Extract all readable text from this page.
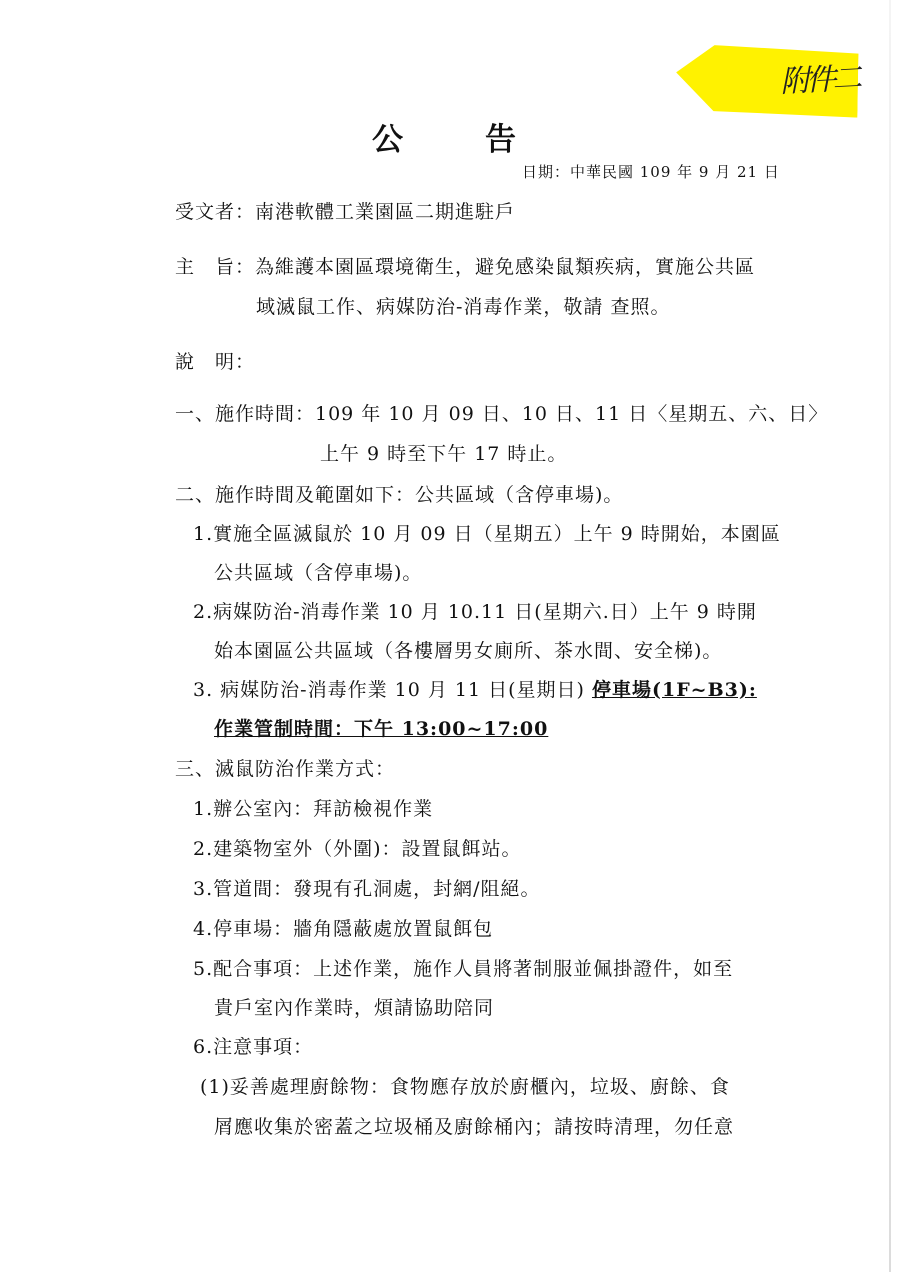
附件二
公告
日期：中華民國 109 年 9 月 21 日
受文者：南港軟體工業園區二期進駐戶
主　旨：為維護本園區環境衛生，避免感染鼠類疾病，實施公共區
域滅鼠工作、病媒防治-消毒作業，敬請 查照。
說　明：
一、施作時間：109 年 10 月 09 日、10 日、11 日〈星期五、六、日〉
上午 9 時至下午 17 時止。
二、施作時間及範圍如下：公共區域（含停車場)。
1.實施全區滅鼠於 10 月 09 日（星期五）上午 9 時開始，本園區
公共區域（含停車場)。
2.病媒防治-消毒作業 10 月 10.11 日(星期六.日）上午 9 時開
始本園區公共區域（各樓層男女廁所、茶水間、安全梯)。
3. 病媒防治-消毒作業 10 月 11 日(星期日) 停車場(1F~B3):
作業管制時間：下午 13:00~17:00
三、滅鼠防治作業方式：
1.辦公室內：拜訪檢視作業
2.建築物室外（外圍)：設置鼠餌站。
3.管道間：發現有孔洞處，封網/阻絕。
4.停車場：牆角隱蔽處放置鼠餌包
5.配合事項：上述作業，施作人員將著制服並佩掛證件，如至
貴戶室內作業時，煩請協助陪同
6.注意事項：
(1)妥善處理廚餘物：食物應存放於廚櫃內，垃圾、廚餘、食
屑應收集於密蓋之垃圾桶及廚餘桶內；請按時清理，勿任意
